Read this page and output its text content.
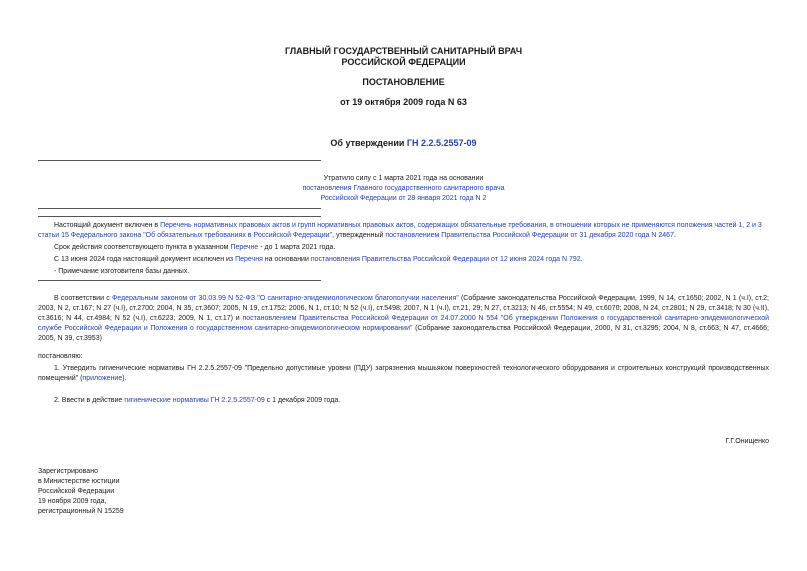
ГЛАВНЫЙ ГОСУДАРСТВЕННЫЙ САНИТАРНЫЙ ВРАЧ
РОССИЙСКОЙ ФЕДЕРАЦИИ
ПОСТАНОВЛЕНИЕ
от 19 октября 2009 года N 63
Об утверждении ГН 2.2.5.2557-09
Утратило силу с 1 марта 2021 года на основании
постановления Главного государственного санитарного врача
Российской Федерации от 28 января 2021 года N 2

Настоящий документ включен в Перечень нормативных правовых актов и групп нормативных правовых актов, содержащих обязательные требования, в отношении которых не применяются положения частей 1, 2 и 3 статьи 15 Федерального закона "Об обязательных требованиях в Российской Федерации", утвержденный постановлением Правительства Российской Федерации от 31 декабря 2020 года N 2467.

Срок действия соответствующего пункта в указанном Перечне - до 1 марта 2021 года.

С 13 июня 2024 года настоящий документ исключен из Перечня на основании постановления Правительства Российской Федерации от 12 июня 2024 года N 792.

- Примечание изготовителя базы данных.

В соответствии с Федеральным законом от 30.03.99 N 52-ФЗ "О санитарно-эпидемиологическом благополучии населения" (Собрание законодательства Российской Федерации, 1999, N 14, ст.1650; 2002, N 1 (ч.I), ст.2; 2003, N 2, ст.167; N 27 (ч.I), ст.2700; 2004, N 35, ст.3607; 2005, N 19, ст.1752; 2006, N 1, ст.10; N 52 (ч.I), ст.5498; 2007, N 1 (ч.I), ст.21, 29; N 27, ст.3213; N 46, ст.5554; N 49, ст.6070; 2008, N 24, ст.2801; N 29, ст.3418; N 30 (ч.II), ст.3616; N 44, ст.4984; N 52 (ч.I), ст.6223; 2009, N 1, ст.17) и постановлением Правительства Российской Федерации от 24.07.2000 N 554 "Об утверждении Положения о государственной санитарно-эпидемиологической службе Российской Федерации и Положения о государственном санитарно-эпидемиологическом нормировании" (Собрание законодательства Российской Федерации, 2000, N 31, ст.3295; 2004, N 8, ст.663; N 47, ст.4666; 2005, N 39, ст.3953)

постановляю:

1. Утвердить гигиенические нормативы ГН 2.2.5.2557-09 "Предельно допустимые уровни (ПДУ) загрязнения мышьяком поверхностей технологического оборудования и строительных конструкций производственных помещений" (приложение).

2. Ввести в действие гигиенические нормативы ГН 2.2.5.2557-09 с 1 декабря 2009 года.

Г.Г.Онищенко
Зарегистрировано
в Министерстве юстиции
Российской Федерации
19 ноября 2009 года,
регистрационный N 15259
